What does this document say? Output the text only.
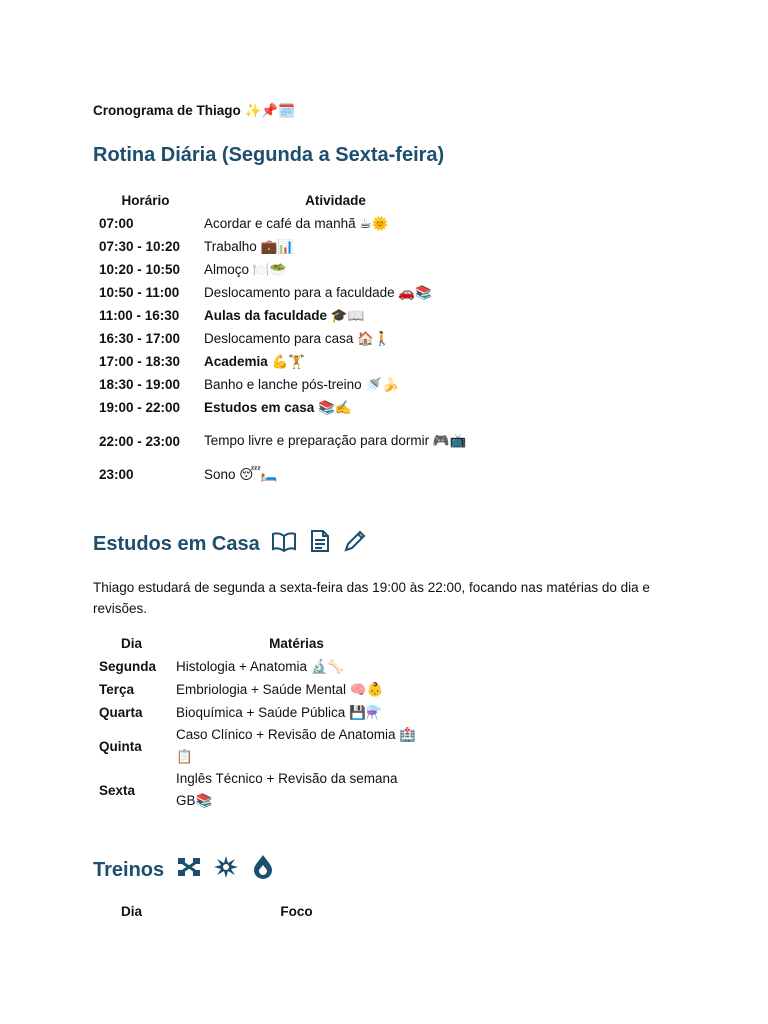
Cronograma de Thiago ✨📌🗓️
Rotina Diária (Segunda a Sexta-feira)
Horário	Atividade
07:00	Acordar e café da manhã ☕🌞
07:30 - 10:20	Trabalho 💼📊
10:20 - 10:50	Almoço 🍽️🥗
10:50 - 11:00	Deslocamento para a faculdade 🚗📚
11:00 - 16:30	Aulas da faculdade 🎓📖
16:30 - 17:00	Deslocamento para casa 🏠🚶
17:00 - 18:30	Academia 💪🏋️
18:30 - 19:00	Banho e lanche pós-treino 🚿🍌
19:00 - 22:00	Estudos em casa 📚✍️
22:00 - 23:00	Tempo livre e preparação para dormir 🎮📺
23:00	Sono 😴🛏️
Estudos em Casa
Thiago estudará de segunda a sexta-feira das 19:00 às 22:00, focando nas matérias do dia e revisões.
Dia	Matérias
Segunda	Histologia + Anatomia 🔬🦴
Terça	Embriologia + Saúde Mental 🧠👶
Quarta	Bioquímica + Saúde Pública 💾⚗️
Quinta	Caso Clínico + Revisão de Anatomia 🏥📋
Sexta	Inglês Técnico + Revisão da semana GB📚
Treinos
Dia	Foco
